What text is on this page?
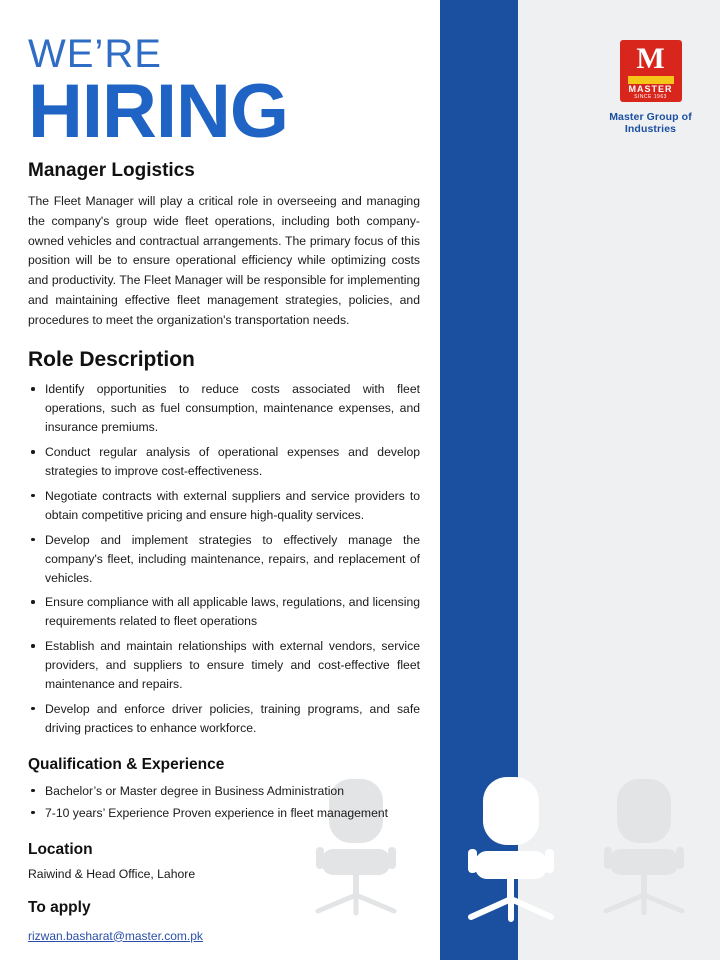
WE’RE
HIRING
M
MASTER
SINCE 1963
Master Group of Industries
Manager Logistics

The Fleet Manager will play a critical role in overseeing and managing the company's group wide fleet operations, including both company-owned vehicles and contractual arrangements. The primary focus of this position will be to ensure operational efficiency while optimizing costs and productivity. The Fleet Manager will be responsible for implementing and maintaining effective fleet management strategies, policies, and procedures to meet the organization's transportation needs.

Role Description
Identify opportunities to reduce costs associated with fleet operations, such as fuel consumption, maintenance expenses, and insurance premiums.
Conduct regular analysis of operational expenses and develop strategies to improve cost-effectiveness.
Negotiate contracts with external suppliers and service providers to obtain competitive pricing and ensure high-quality services.
Develop and implement strategies to effectively manage the company's fleet, including maintenance, repairs, and replacement of vehicles.
Ensure compliance with all applicable laws, regulations, and licensing requirements related to fleet operations
Establish and maintain relationships with external vendors, service providers, and suppliers to ensure timely and cost-effective fleet maintenance and repairs.
Develop and enforce driver policies, training programs, and safe driving practices to enhance workforce.
Qualification & Experience
Bachelor’s or Master degree in Business Administration
7-10 years’ Experience Proven experience in fleet management
Location

Raiwind & Head Office, Lahore

To apply
rizwan.basharat@master.com.pk
